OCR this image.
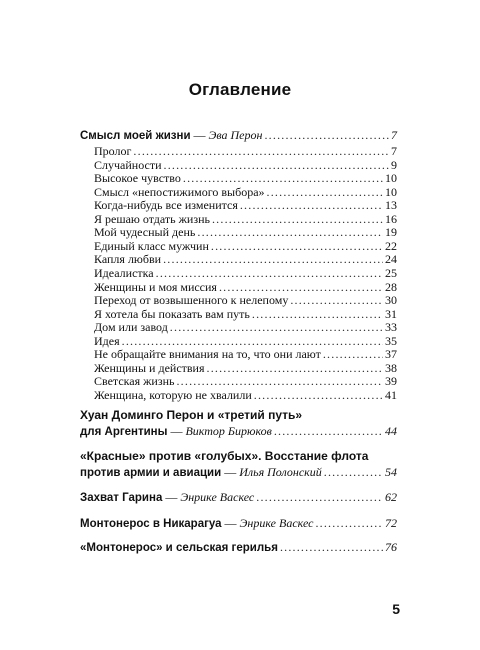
Оглавление
Смысл моей жизни — Эва Перон .....	7
Пролог .....	7
Случайности .....	9
Высокое чувство .....	10
Смысл «непостижимого выбора» .....	10
Когда-нибудь все изменится .....	13
Я решаю отдать жизнь .....	16
Мой чудесный день .....	19
Единый класс мужчин .....	22
Капля любви .....	24
Идеалистка .....	25
Женщины и моя миссия .....	28
Переход от возвышенного к нелепому .....	30
Я хотела бы показать вам путь .....	31
Дом или завод .....	33
Идея .....	35
Не обращайте внимания на то, что они лают .....	37
Женщины и действия .....	38
Светская жизнь .....	39
Женщина, которую не хвалили .....	41
Хуан Доминго Перон и «третий путь»
для Аргентины — Виктор Бирюков .....	44
«Красные» против «голубых». Восстание флота
против армии и авиации — Илья Полонский .....	54
Захват Гарина — Энрике Васкес .....	62
Монтонерос в Никарагуа — Энрике Васкес .....	72
«Монтонерос» и сельская герилья .....	76
5
